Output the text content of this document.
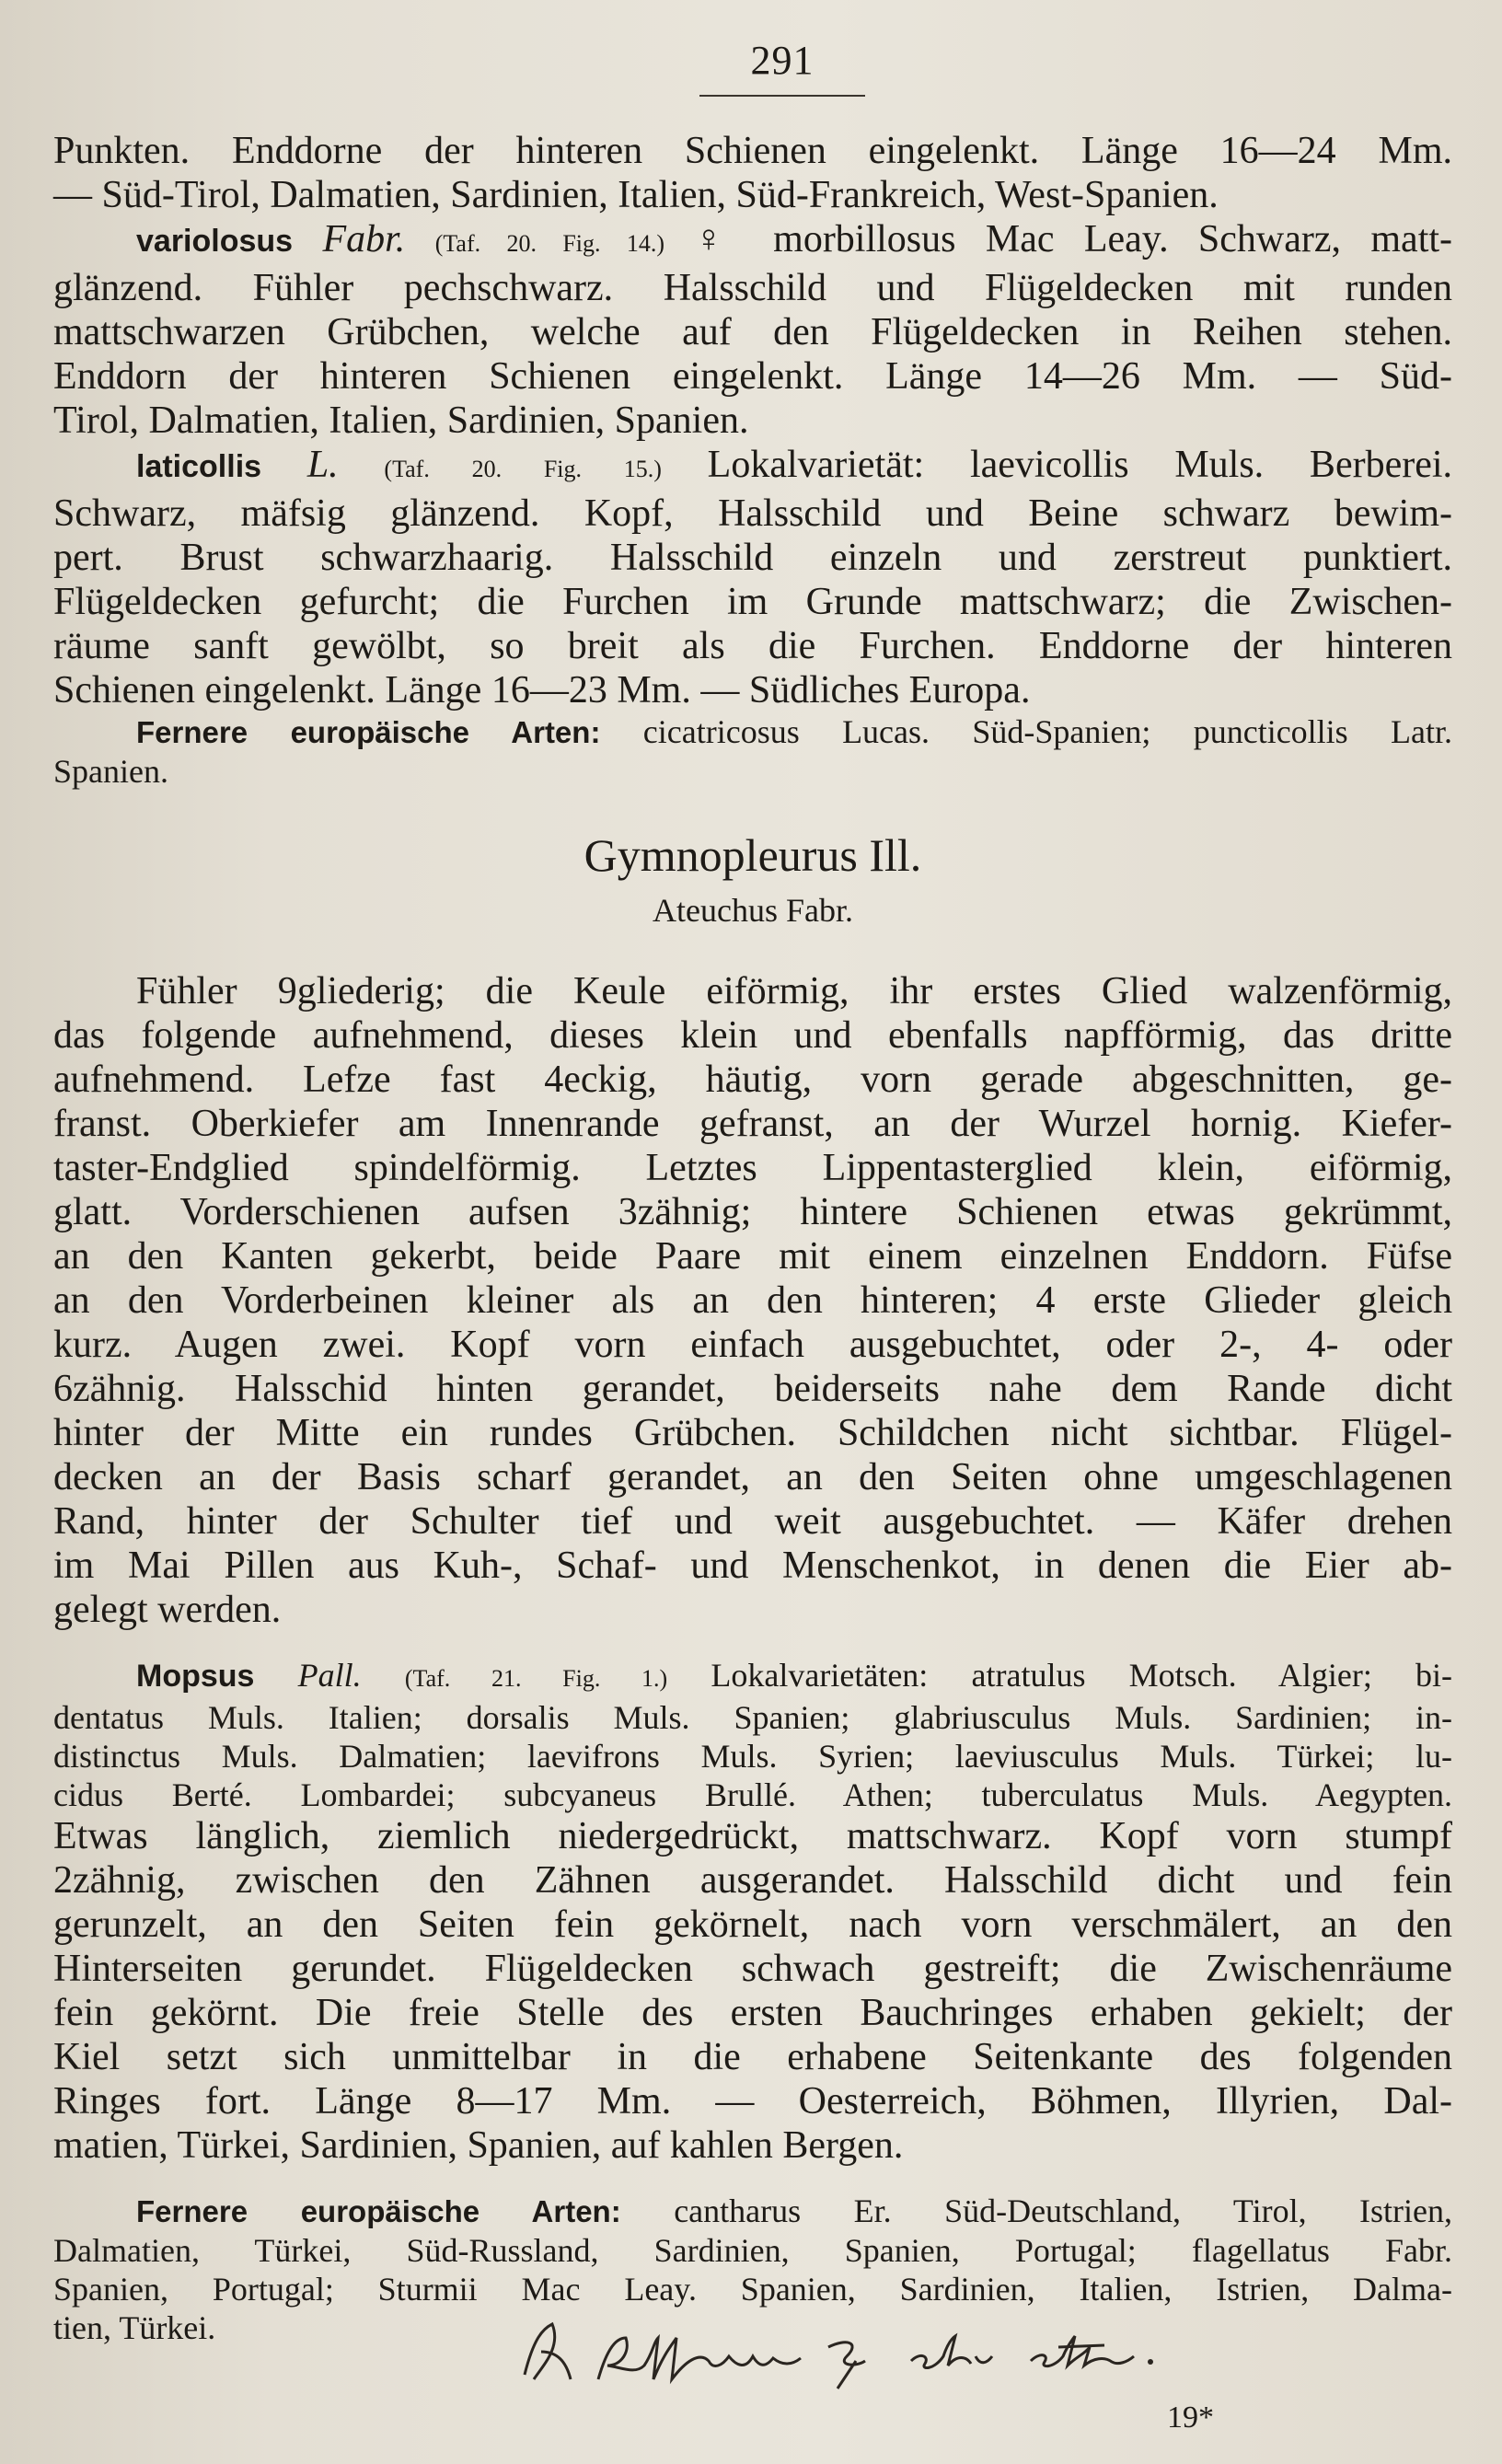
291
Punkten. Enddorne der hinteren Schienen eingelenkt. Länge 16—24 Mm.
— Süd-Tirol, Dalmatien, Sardinien, Italien, Süd-Frankreich, West-Spanien.
variolosus Fabr. (Taf. 20. Fig. 14.) ♀ morbillosus Mac Leay. Schwarz, matt-
glänzend. Fühler pechschwarz. Halsschild und Flügeldecken mit runden
mattschwarzen Grübchen, welche auf den Flügeldecken in Reihen stehen.
Enddorn der hinteren Schienen eingelenkt. Länge 14—26 Mm. — Süd-
Tirol, Dalmatien, Italien, Sardinien, Spanien.
laticollis L. (Taf. 20. Fig. 15.) Lokalvarietät: laevicollis Muls. Berberei.
Schwarz, mäfsig glänzend. Kopf, Halsschild und Beine schwarz bewim-
pert. Brust schwarzhaarig. Halsschild einzeln und zerstreut punktiert.
Flügeldecken gefurcht; die Furchen im Grunde mattschwarz; die Zwischen-
räume sanft gewölbt, so breit als die Furchen. Enddorne der hinteren
Schienen eingelenkt. Länge 16—23 Mm. — Südliches Europa.
Fernere europäische Arten: cicatricosus Lucas. Süd-Spanien; puncticollis Latr.
Spanien.
Gymnopleurus Ill.
Ateuchus Fabr.
Fühler 9gliederig; die Keule eiförmig, ihr erstes Glied walzenförmig,
das folgende aufnehmend, dieses klein und ebenfalls napfförmig, das dritte
aufnehmend. Lefze fast 4eckig, häutig, vorn gerade abgeschnitten, ge-
franst. Oberkiefer am Innenrande gefranst, an der Wurzel hornig. Kiefer-
taster-Endglied spindelförmig. Letztes Lippentasterglied klein, eiförmig,
glatt. Vorderschienen aufsen 3zähnig; hintere Schienen etwas gekrümmt,
an den Kanten gekerbt, beide Paare mit einem einzelnen Enddorn. Füfse
an den Vorderbeinen kleiner als an den hinteren; 4 erste Glieder gleich
kurz. Augen zwei. Kopf vorn einfach ausgebuchtet, oder 2-, 4- oder
6zähnig. Halsschid hinten gerandet, beiderseits nahe dem Rande dicht
hinter der Mitte ein rundes Grübchen. Schildchen nicht sichtbar. Flügel-
decken an der Basis scharf gerandet, an den Seiten ohne umgeschlagenen
Rand, hinter der Schulter tief und weit ausgebuchtet. — Käfer drehen
im Mai Pillen aus Kuh-, Schaf- und Menschenkot, in denen die Eier ab-
gelegt werden.
Mopsus Pall. (Taf. 21. Fig. 1.) Lokalvarietäten: atratulus Motsch. Algier; bi-
dentatus Muls. Italien; dorsalis Muls. Spanien; glabriusculus Muls. Sardinien; in-
distinctus Muls. Dalmatien; laevifrons Muls. Syrien; laeviusculus Muls. Türkei; lu-
cidus Berté. Lombardei; subcyaneus Brullé. Athen; tuberculatus Muls. Aegypten.
Etwas länglich, ziemlich niedergedrückt, mattschwarz. Kopf vorn stumpf
2zähnig, zwischen den Zähnen ausgerandet. Halsschild dicht und fein
gerunzelt, an den Seiten fein gekörnelt, nach vorn verschmälert, an den
Hinterseiten gerundet. Flügeldecken schwach gestreift; die Zwischenräume
fein gekörnt. Die freie Stelle des ersten Bauchringes erhaben gekielt; der
Kiel setzt sich unmittelbar in die erhabene Seitenkante des folgenden
Ringes fort. Länge 8—17 Mm. — Oesterreich, Böhmen, Illyrien, Dal-
matien, Türkei, Sardinien, Spanien, auf kahlen Bergen.
Fernere europäische Arten: cantharus Er. Süd-Deutschland, Tirol, Istrien,
Dalmatien, Türkei, Süd-Russland, Sardinien, Spanien, Portugal; flagellatus Fabr.
Spanien, Portugal; Sturmii Mac Leay. Spanien, Sardinien, Italien, Istrien, Dalma-
tien, Türkei.
19*
